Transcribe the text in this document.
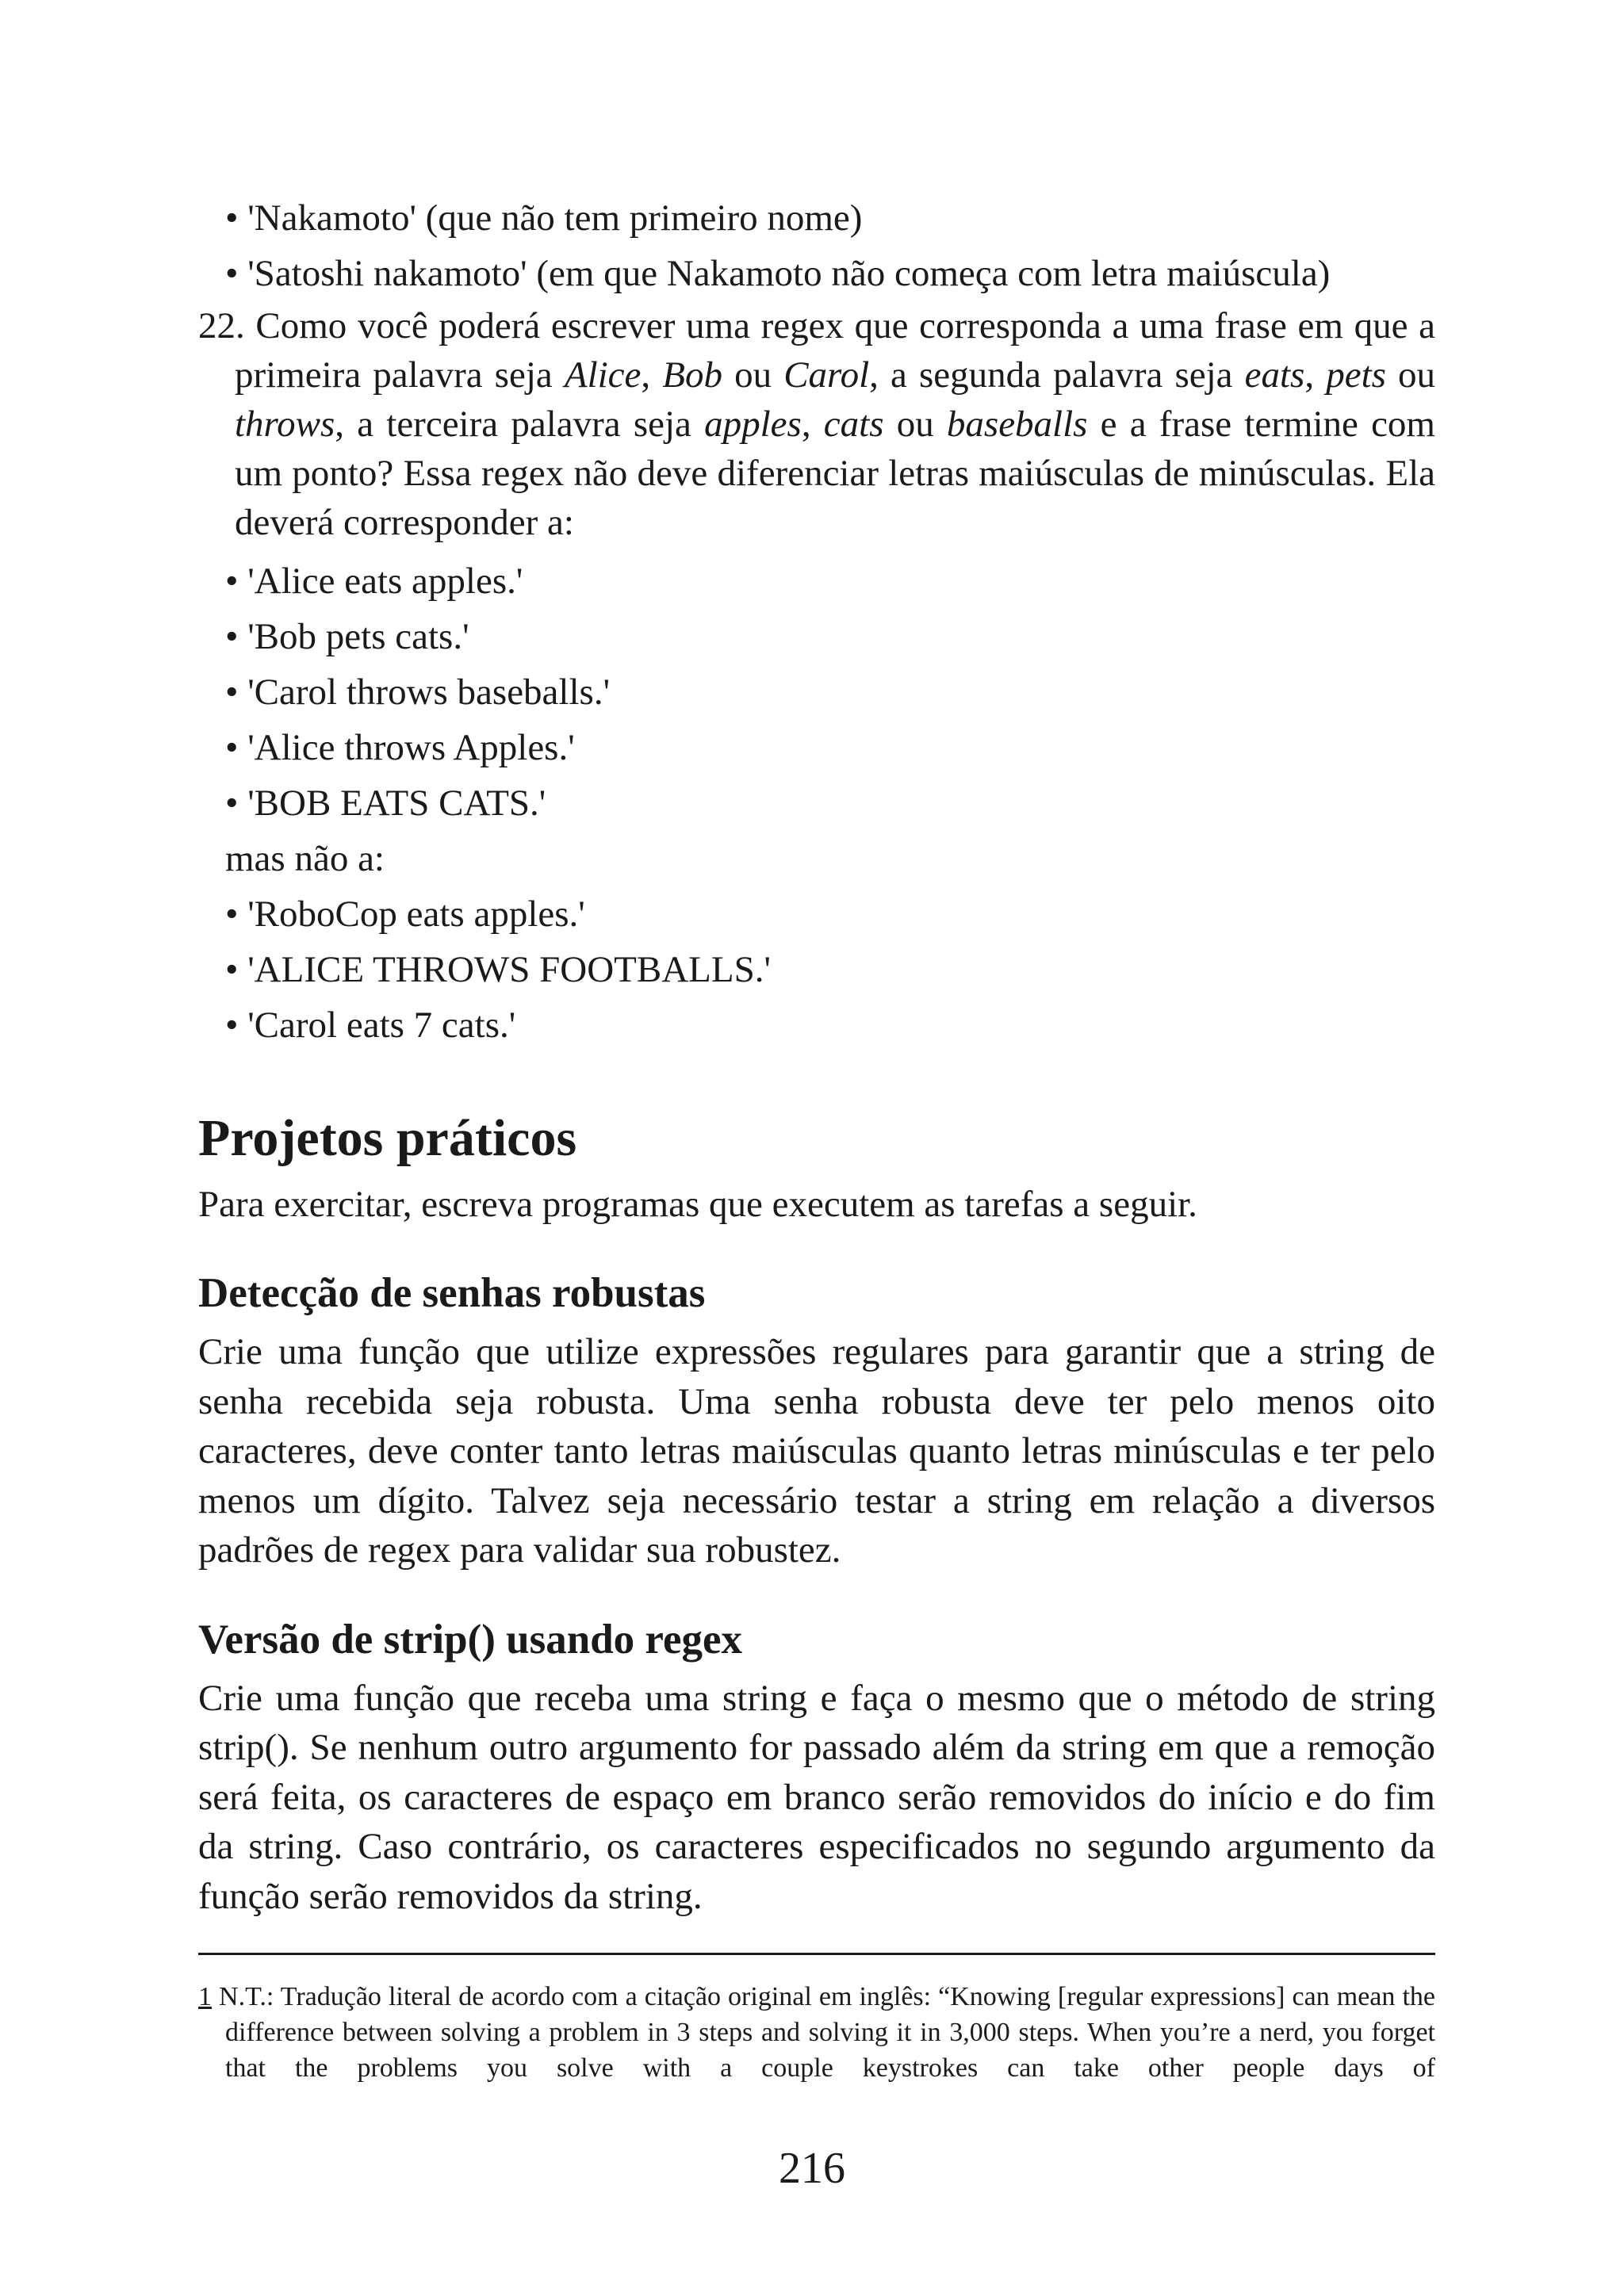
• 'Nakamoto' (que não tem primeiro nome)
• 'Satoshi nakamoto' (em que Nakamoto não começa com letra maiúscula)

22. Como você poderá escrever uma regex que corresponda a uma frase em que a primeira palavra seja Alice, Bob ou Carol, a segunda palavra seja eats, pets ou throws, a terceira palavra seja apples, cats ou baseballs e a frase termine com um ponto? Essa regex não deve diferenciar letras maiúsculas de minúsculas. Ela deverá corresponder a:

• 'Alice eats apples.'
• 'Bob pets cats.'
• 'Carol throws baseballs.'
• 'Alice throws Apples.'
• 'BOB EATS CATS.'
mas não a:
• 'RoboCop eats apples.'
• 'ALICE THROWS FOOTBALLS.'
• 'Carol eats 7 cats.'
Projetos práticos

Para exercitar, escreva programas que executem as tarefas a seguir.

Detecção de senhas robustas

Crie uma função que utilize expressões regulares para garantir que a string de senha recebida seja robusta. Uma senha robusta deve ter pelo menos oito caracteres, deve conter tanto letras maiúsculas quanto letras minúsculas e ter pelo menos um dígito. Talvez seja necessário testar a string em relação a diversos padrões de regex para validar sua robustez.

Versão de strip() usando regex

Crie uma função que receba uma string e faça o mesmo que o método de string strip(). Se nenhum outro argumento for passado além da string em que a remoção será feita, os caracteres de espaço em branco serão removidos do início e do fim da string. Caso contrário, os caracteres especificados no segundo argumento da função serão removidos da string.

1 N.T.: Tradução literal de acordo com a citação original em inglês: “Knowing [regular expressions] can mean the difference between solving a problem in 3 steps and solving it in 3,000 steps. When you’re a nerd, you forget that the problems you solve with a couple keystrokes can take other people days of

216
